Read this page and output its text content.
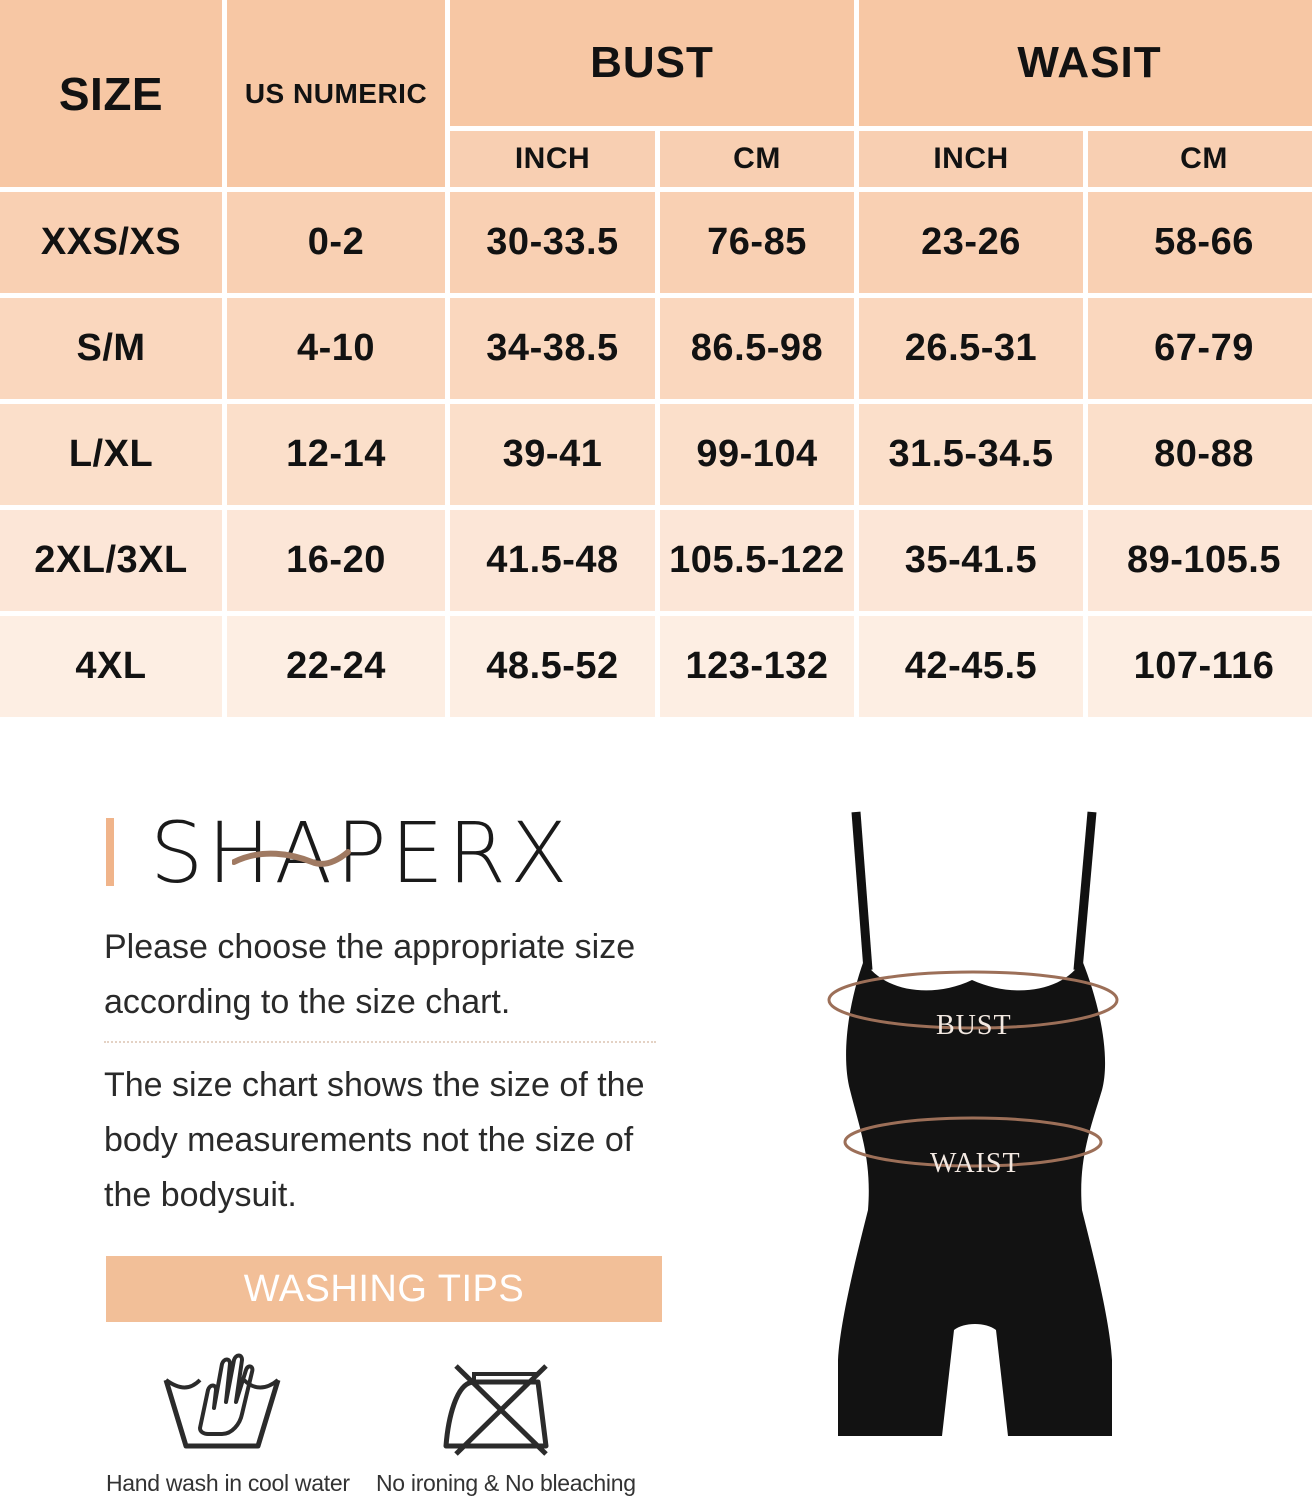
SIZE	US NUMERIC
BUST	WASIT
INCH	CM	INCH	CM
XXS/XS	0-2	30-33.5	76-85	23-26	58-66
S/M	4-10	34-38.5	86.5-98	26.5-31	67-79
L/XL	12-14	39-41	99-104	31.5-34.5	80-88
2XL/3XL	16-20	41.5-48	105.5-122	35-41.5	89-105.5
4XL	22-24	48.5-52	123-132	42-45.5	107-116
SHAPERX
Please choose the appropriate size according to the size chart.
The size chart shows the size of the body measurements not the size of the bodysuit.
WASHING TIPS
Hand wash in cool water No ironing & No bleaching
BUST
WAIST
